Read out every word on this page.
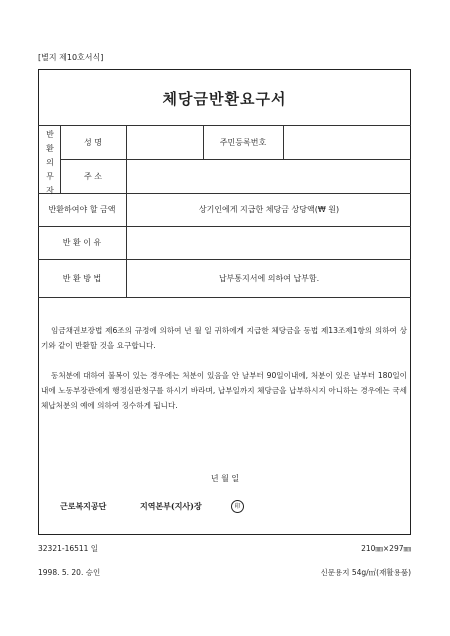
[별지 제10호서식]
체당금반환요구서
반
환
의
무
자
성 명	주민등록번호
주 소
반환하여야 할 금액	상기인에게 지급한 체당금 상당액(₩ 원)
반 환 이 유
반 환 방 법	납부통지서에 의하여 납부함.
임금채권보장법 제6조의 규정에 의하여 년 월 일 귀하에게 지급한 체당금을 동법 제13조제1항의 의하여 상기와 같이 반환할 것을 요구합니다.
동처분에 대하여 불복이 있는 경우에는 처분이 있음을 안 날부터 90일이내에, 처분이 있은 날부터 180일이내에 노동부장관에게 행정심판청구를 하시기 바라며, 납부일까지 체당금을 납부하시지 아니하는 경우에는 국세체납처분의 예에 의하여 징수하게 됩니다.
년 월 일
근로복지공단	지역본부(지사)장	印
32321-16511 일
1998. 5. 20. 승인
210㎜×297㎜
신문용지 54g/㎡(재활용품)
